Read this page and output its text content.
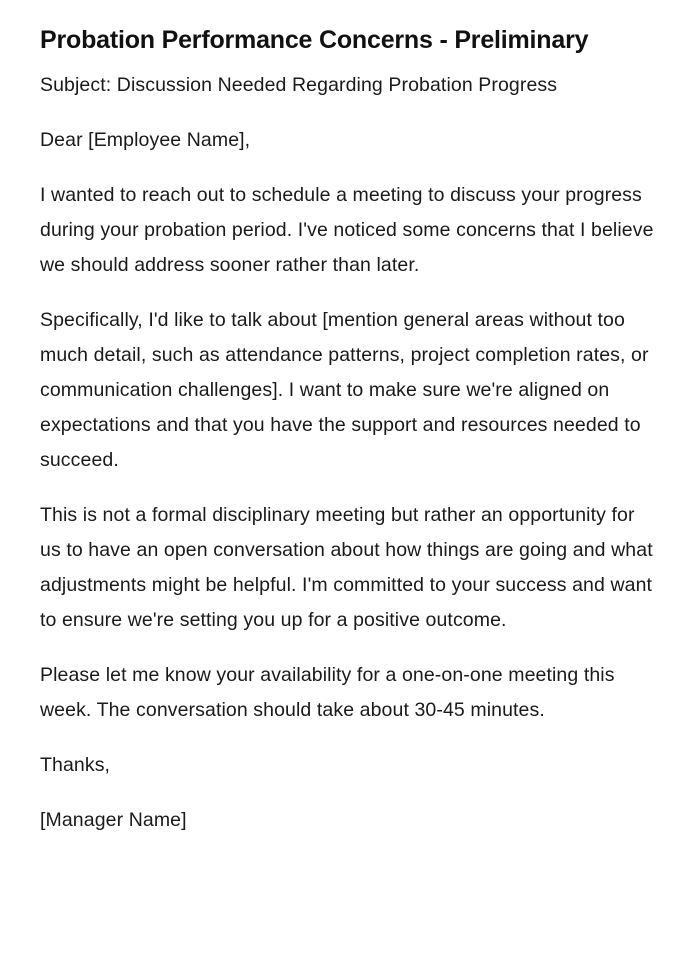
Probation Performance Concerns - Preliminary

Subject: Discussion Needed Regarding Probation Progress

Dear [Employee Name],

I wanted to reach out to schedule a meeting to discuss your progress during your probation period. I've noticed some concerns that I believe we should address sooner rather than later.

Specifically, I'd like to talk about [mention general areas without too much detail, such as attendance patterns, project completion rates, or communication challenges]. I want to make sure we're aligned on expectations and that you have the support and resources needed to succeed.

This is not a formal disciplinary meeting but rather an opportunity for us to have an open conversation about how things are going and what adjustments might be helpful. I'm committed to your success and want to ensure we're setting you up for a positive outcome.

Please let me know your availability for a one-on-one meeting this week. The conversation should take about 30-45 minutes.

Thanks,

[Manager Name]
